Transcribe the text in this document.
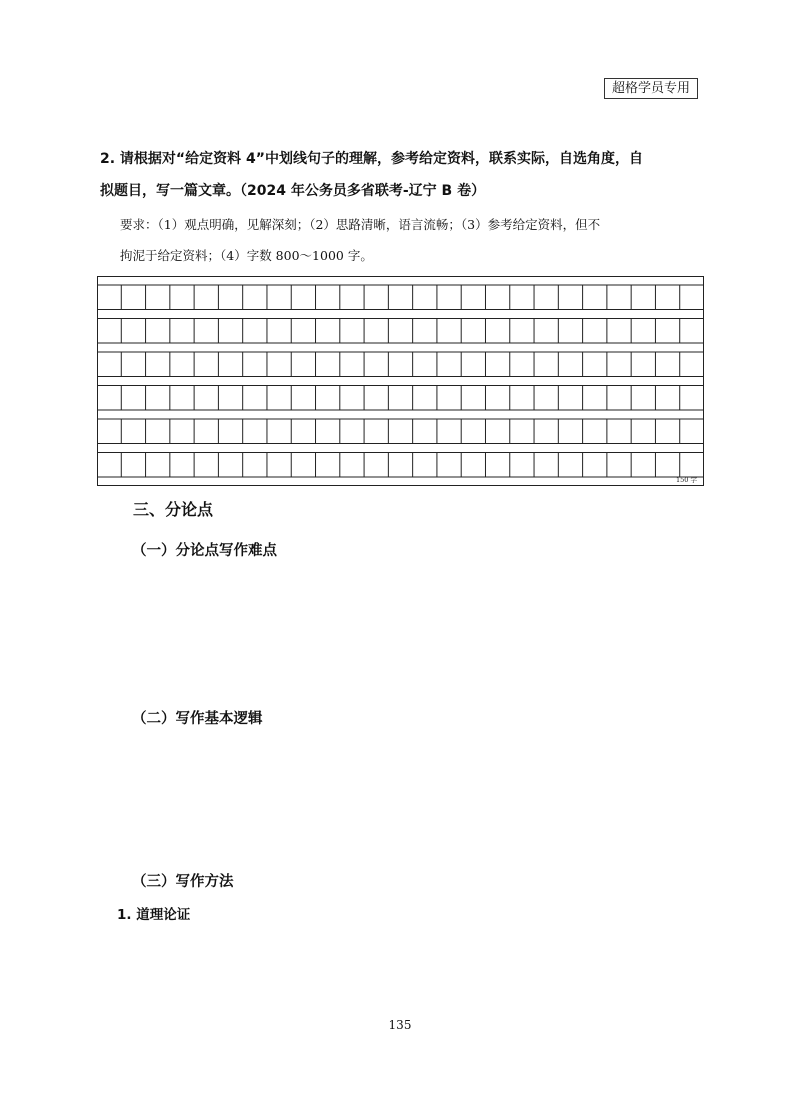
超格学员专用
2. 请根据对“给定资料 4”中划线句子的理解，参考给定资料，联系实际，自选角度，自
拟题目，写一篇文章。（2024 年公务员多省联考-辽宁 B 卷）
要求：（1）观点明确，见解深刻；（2）思路清晰，语言流畅；（3）参考给定资料，但不
拘泥于给定资料；（4）字数 800～1000 字。
150 字
三、分论点
（一）分论点写作难点
（二）写作基本逻辑
（三）写作方法
1. 道理论证
135
